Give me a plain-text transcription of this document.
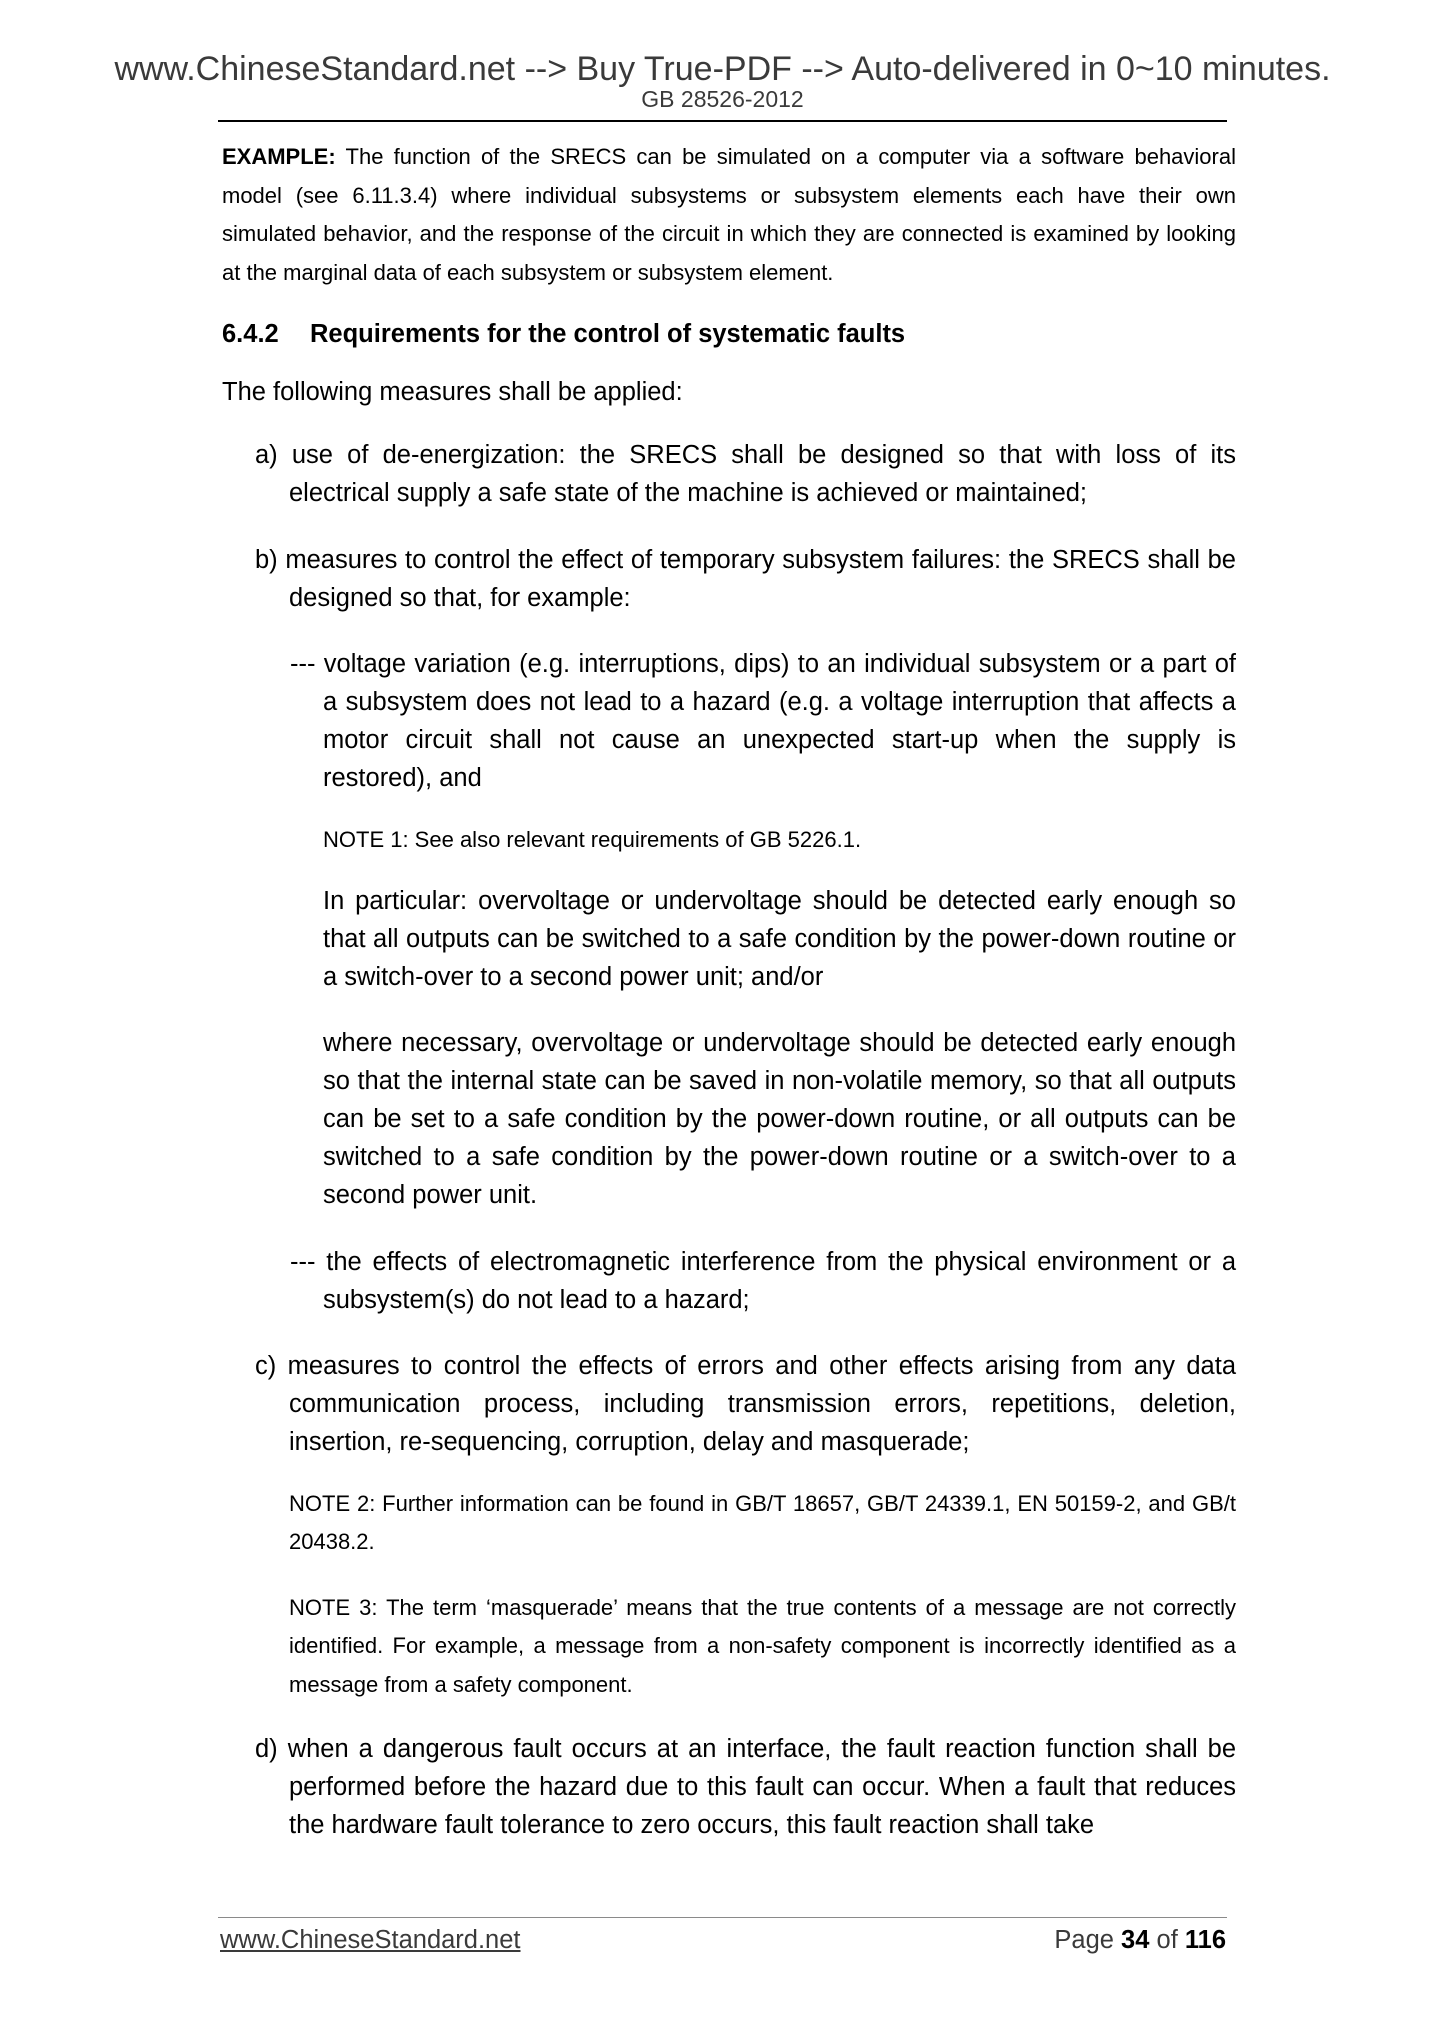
www.ChineseStandard.net --> Buy True-PDF --> Auto-delivered in 0~10 minutes.
GB 28526-2012

EXAMPLE: The function of the SRECS can be simulated on a computer via a software behavioral model (see 6.11.3.4) where individual subsystems or subsystem elements each have their own simulated behavior, and the response of the circuit in which they are connected is examined by looking at the marginal data of each subsystem or subsystem element.

6.4.2 Requirements for the control of systematic faults

The following measures shall be applied:

a) use of de-energization: the SRECS shall be designed so that with loss of its electrical supply a safe state of the machine is achieved or maintained;

b) measures to control the effect of temporary subsystem failures: the SRECS shall be designed so that, for example:

--- voltage variation (e.g. interruptions, dips) to an individual subsystem or a part of a subsystem does not lead to a hazard (e.g. a voltage interruption that affects a motor circuit shall not cause an unexpected start-up when the supply is restored), and

NOTE 1: See also relevant requirements of GB 5226.1.

In particular: overvoltage or undervoltage should be detected early enough so that all outputs can be switched to a safe condition by the power-down routine or a switch-over to a second power unit; and/or

where necessary, overvoltage or undervoltage should be detected early enough so that the internal state can be saved in non-volatile memory, so that all outputs can be set to a safe condition by the power-down routine, or all outputs can be switched to a safe condition by the power-down routine or a switch-over to a second power unit.

--- the effects of electromagnetic interference from the physical environment or a subsystem(s) do not lead to a hazard;

c) measures to control the effects of errors and other effects arising from any data communication process, including transmission errors, repetitions, deletion, insertion, re-sequencing, corruption, delay and masquerade;

NOTE 2: Further information can be found in GB/T 18657, GB/T 24339.1, EN 50159-2, and GB/t 20438.2.

NOTE 3: The term ‘masquerade’ means that the true contents of a message are not correctly identified. For example, a message from a non-safety component is incorrectly identified as a message from a safety component.

d) when a dangerous fault occurs at an interface, the fault reaction function shall be performed before the hazard due to this fault can occur. When a fault that reduces the hardware fault tolerance to zero occurs, this fault reaction shall take

www.ChineseStandard.net	Page 34 of 116
